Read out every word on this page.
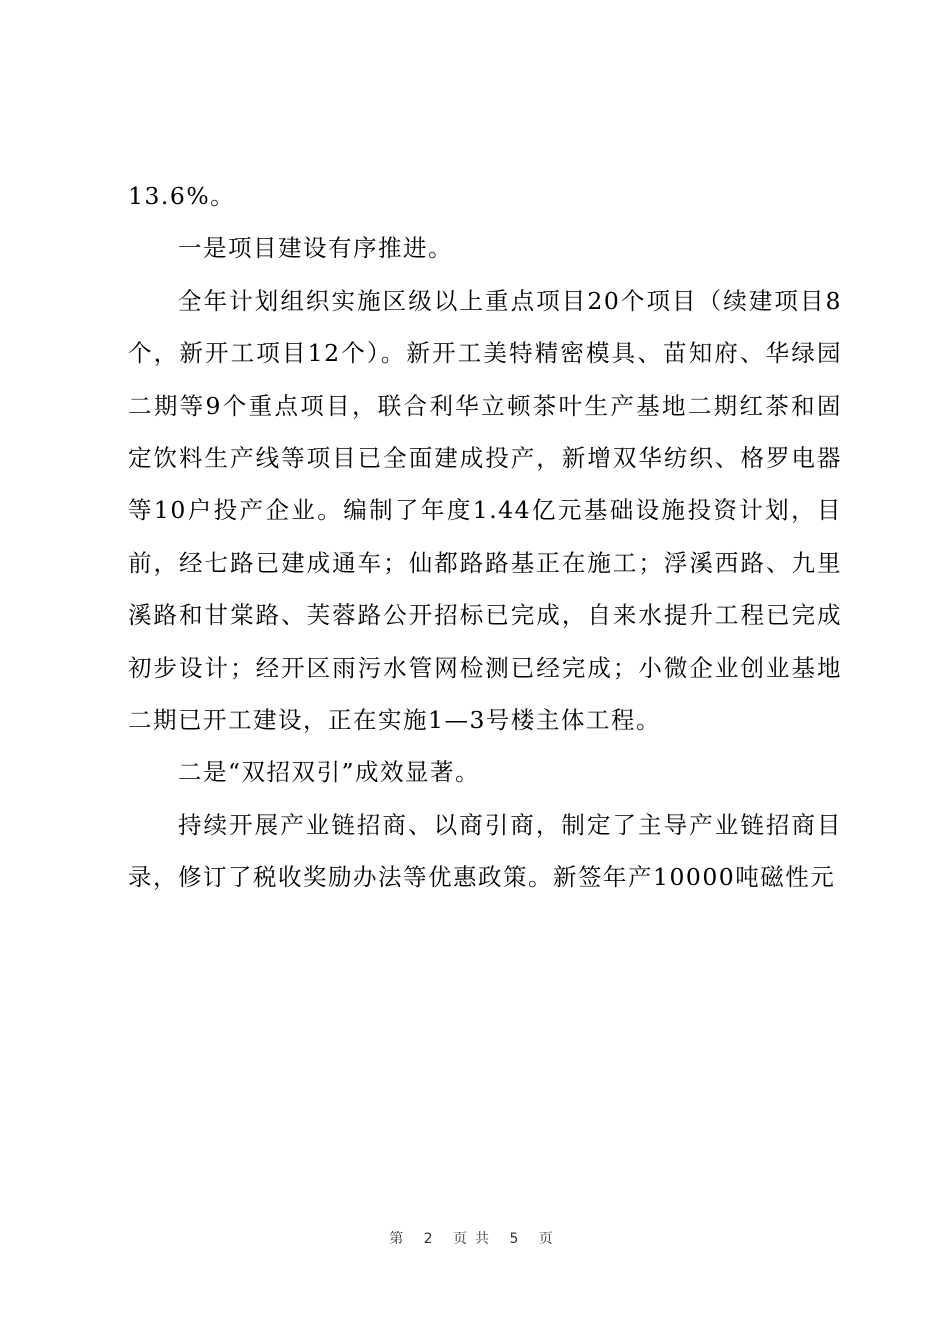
13.6%。

一是项目建设有序推进。

全年计划组织实施区级以上重点项目20个项目（续建项目8个，新开工项目12个）。新开工美特精密模具、苗知府、华绿园二期等9个重点项目，联合利华立顿茶叶生产基地二期红茶和固定饮料生产线等项目已全面建成投产，新增双华纺织、格罗电器等10户投产企业。编制了年度1.44亿元基础设施投资计划，目前，经七路已建成通车；仙都路路基正在施工；浮溪西路、九里溪路和甘棠路、芙蓉路公开招标已完成，自来水提升工程已完成初步设计；经开区雨污水管网检测已经完成；小微企业创业基地二期已开工建设，正在实施1—3号楼主体工程。

二是“双招双引”成效显著。

持续开展产业链招商、以商引商，制定了主导产业链招商目录，修订了税收奖励办法等优惠政策。新签年产10000吨磁性元

第 2 页共 5 页
